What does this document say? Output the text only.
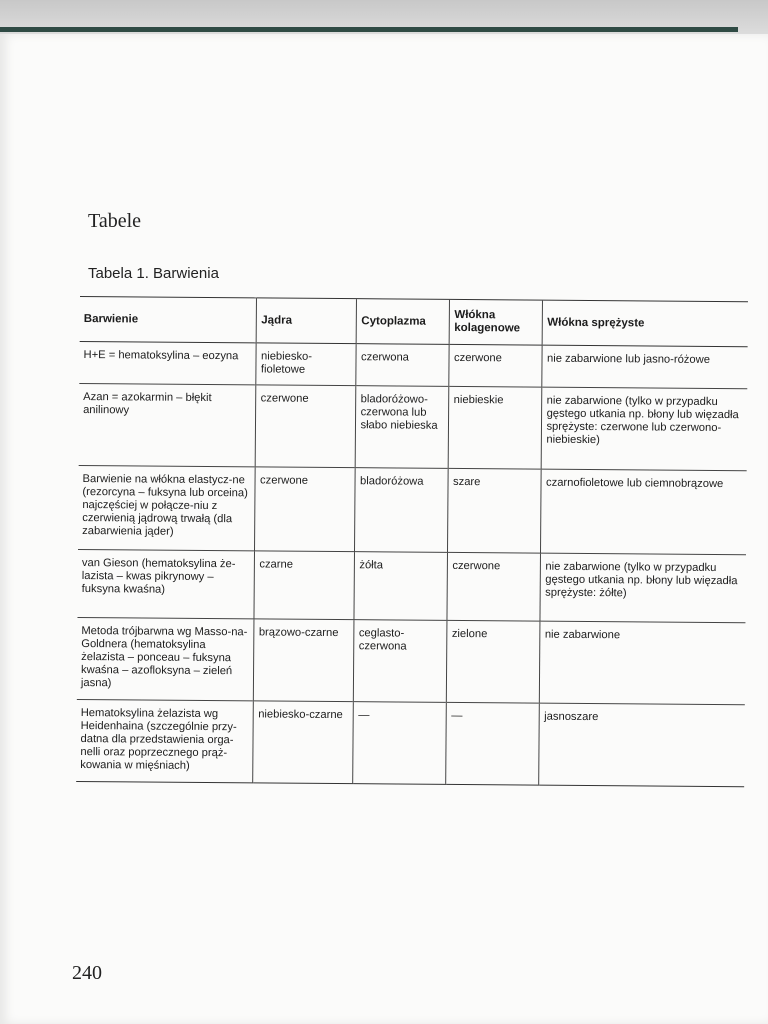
Tabele
Tabela 1. Barwienia
Barwienie	Jądra	Cytoplazma	Włókna kolagenowe	Włókna sprężyste
H+E = hematoksylina – eozyna	niebiesko-fioletowe	czerwona	czerwone	nie zabarwione lub jasno-różowe
Azan = azokarmin – błękit anilinowy	czerwone	bladoróżowo-czerwona lub słabo niebieska	niebieskie	nie zabarwione (tylko w przypadku gęstego utkania np. błony lub więzadła sprężyste: czerwone lub czerwono-niebieskie)
Barwienie na włókna elastycz-ne (rezorcyna – fuksyna lub orceina) najczęściej w połącze-niu z czerwienią jądrową trwałą (dla zabarwienia jąder)	czerwone	bladoróżowa	szare	czarnofioletowe lub ciemnobrązowe
van Gieson (hematoksylina że-lazista – kwas pikrynowy – fuksyna kwaśna)	czarne	żółta	czerwone	nie zabarwione (tylko w przypadku gęstego utkania np. błony lub więzadła sprężyste: żółte)
Metoda trójbarwna wg Masso-na-Goldnera (hematoksylina żelazista – ponceau – fuksyna kwaśna – azofloksyna – zieleń jasna)	brązowo-czarne	ceglasto-czerwona	zielone	nie zabarwione
Hematoksylina żelazista wg Heidenhaina (szczególnie przy-datna dla przedstawienia orga-nelli oraz poprzecznego prąż-kowania w mięśniach)	niebiesko-czarne	—	—	jasnoszare
240
